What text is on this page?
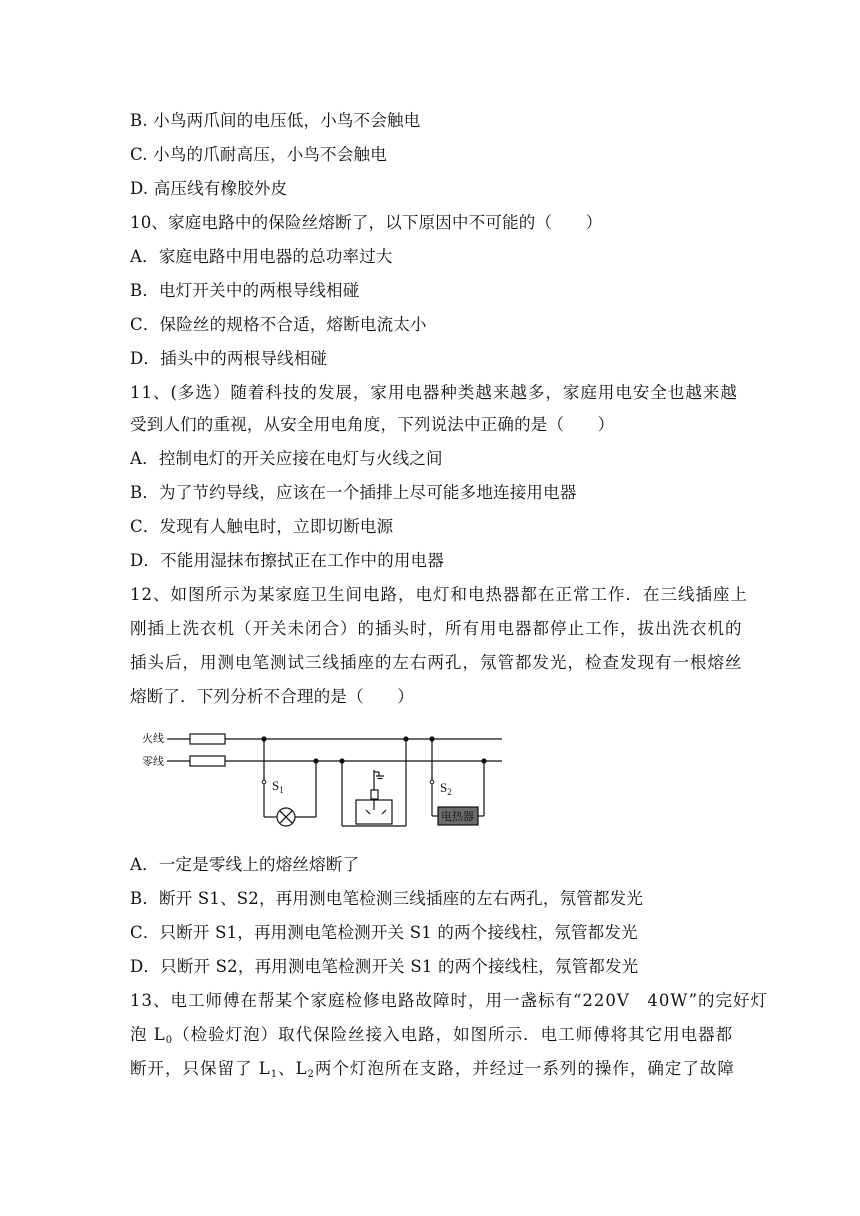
B. 小鸟两爪间的电压低，小鸟不会触电
C. 小鸟的爪耐高压，小鸟不会触电
D. 高压线有橡胶外皮
10、家庭电路中的保险丝熔断了，以下原因中不可能的（　　）
A．家庭电路中用电器的总功率过大
B．电灯开关中的两根导线相碰
C．保险丝的规格不合适，熔断电流太小
D．插头中的两根导线相碰
11、(多选）随着科技的发展，家用电器种类越来越多，家庭用电安全也越来越
受到人们的重视，从安全用电角度，下列说法中正确的是（　　）
A．控制电灯的开关应接在电灯与火线之间
B．为了节约导线，应该在一个插排上尽可能多地连接用电器
C．发现有人触电时，立即切断电源
D．不能用湿抹布擦拭正在工作中的用电器
12、如图所示为某家庭卫生间电路，电灯和电热器都在正常工作．在三线插座上
刚插上洗衣机（开关未闭合）的插头时，所有用电器都停止工作，拔出洗衣机的
插头后，用测电笔测试三线插座的左右两孔，氖管都发光，检查发现有一根熔丝
熔断了．下列分析不合理的是（　　）
火线
零线
$S_1$
电热器
$S_2$
A．一定是零线上的熔丝熔断了
B．断开 S1、S2，再用测电笔检测三线插座的左右两孔，氖管都发光
C．只断开 S1，再用测电笔检测开关 S1 的两个接线柱，氖管都发光
D．只断开 S2，再用测电笔检测开关 S1 的两个接线柱，氖管都发光
13、电工师傅在帮某个家庭检修电路故障时，用一盏标有“220V　40W”的完好灯
泡 $L_0$（检验灯泡）取代保险丝接入电路，如图所示．电工师傅将其它用电器都
断开，只保留了 $L_1$、$L_2$两个灯泡所在支路，并经过一系列的操作，确定了故障
